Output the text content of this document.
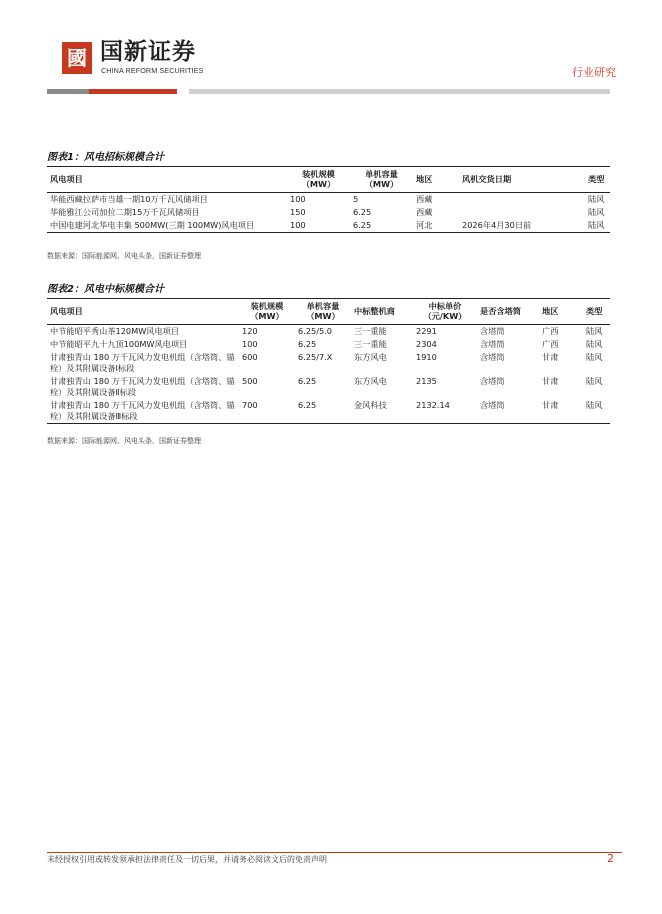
國 国新证券
CHINA REFORM SECURITIES	行业研究
图表1：风电招标规模合计
风电项目	装机规模（MW）	单机容量（MW）	地区	风机交货日期	类型
华能西藏拉萨市当雄一期10万千瓦风储项目	100	5	西藏		陆风
华能雅江公司加拉二期15万千瓦风储项目	150	6.25	西藏		陆风
中国电建河北华电丰集 500MW(三期 100MW)风电项目	100	6.25	河北	2026年4月30日前	陆风
数据来源：国际能源网、风电头条，国新证券整理
图表2：风电中标规模合计
风电项目	装机规模（MW）	单机容量（MW）	中标整机商	中标单价（元/KW）	是否含塔筒	地区	类型
中节能昭平秀山茶120MW风电项目	120	6.25/5.0	三一重能	2291	含塔筒	广西	陆风
中节能昭平九十九顶100MW风电项目	100	6.25	三一重能	2304	含塔筒	广西	陆风
甘肃独青山 180 万千瓦风力发电机组（含塔筒、锚栓）及其附属设备Ⅰ标段	600	6.25/7.X	东方风电	1910	含塔筒	甘肃	陆风
甘肃独青山 180 万千瓦风力发电机组（含塔筒、锚栓）及其附属设备Ⅱ标段	500	6.25	东方风电	2135	含塔筒	甘肃	陆风
甘肃独青山 180 万千瓦风力发电机组（含塔筒、锚栓）及其附属设备Ⅲ标段	700	6.25	金风科技	2132.14	含塔筒	甘肃	陆风
数据来源：国际能源网、风电头条，国新证券整理
未经授权引用或转发须承担法律责任及一切后果，并请务必阅读文后的免责声明	2
